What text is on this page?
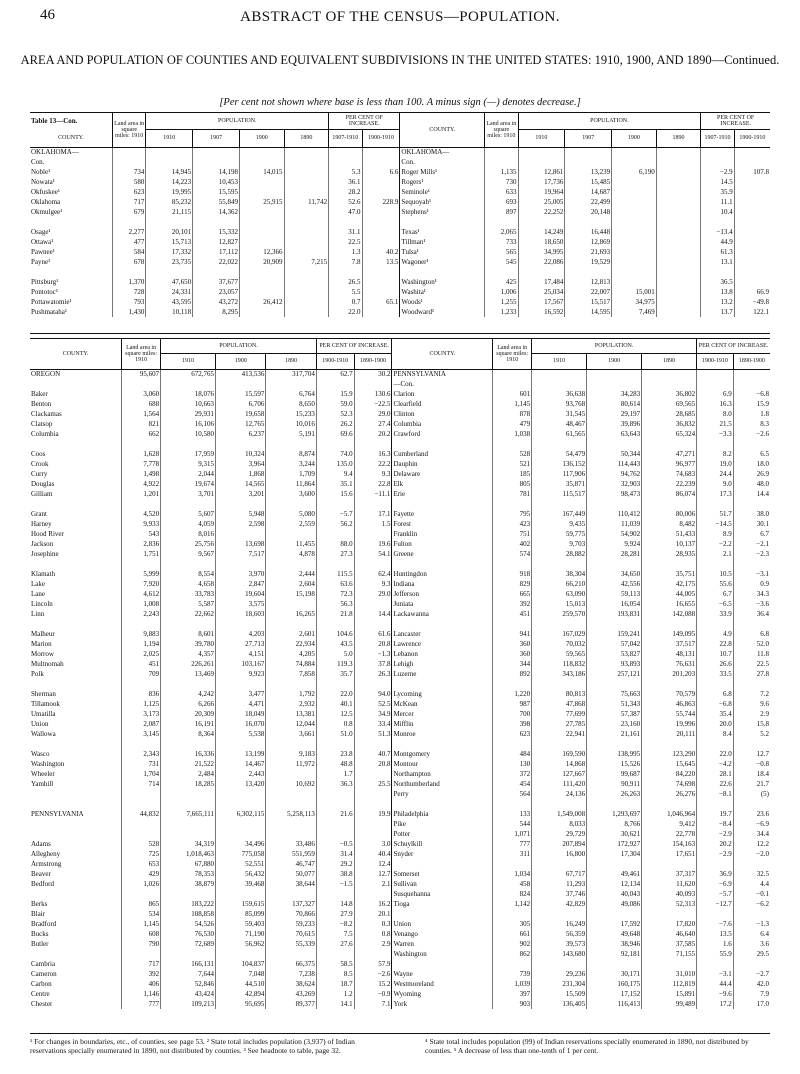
46	ABSTRACT OF THE CENSUS—POPULATION.
AREA AND POPULATION OF COUNTIES AND EQUIVALENT SUBDIVISIONS IN THE UNITED STATES: 1910, 1900, AND 1890—Continued.
[Per cent not shown where base is less than 100. A minus sign (—) denotes decrease.]
Table 13—Con.
COUNTY.	Land area in square miles: 1910	POPULATION.				PER CENT OF INCREASE.		COUNTY.	Land area in square miles: 1910	POPULATION.				PER CENT OF INCREASE.	
		1910	1907	1900	1890	1907-1910	1900-1910			1910	1907	1900	1890	1907-1910	1900-1910
OKLAHOMA—								OKLAHOMA—							
Con.								Con.							
Noble¹	734	14,945	14,198	14,015		5.3	6.6	Roger Mills¹	1,135	12,861	13,239	6,190		−2.9	107.8
Nowata¹	580	14,223	10,453			36.1		Rogers¹	730	17,736	15,485			14.5	
Okfuskee¹	623	19,995	15,595			28.2		Seminole¹	633	19,964	14,687			35.9	
Oklahoma	717	85,232	55,849	25,915	11,742	52.6	228.9	Sequoyah¹	693	25,005	22,499			11.1	
Okmulgee¹	679	21,115	14,362			47.0		Stephens¹	897	22,252	20,148			10.4	

Osage¹	2,277	20,101	15,332			31.1		Texas¹	2,065	14,249	16,448			−13.4	
Ottawa¹	477	15,713	12,827			22.5		Tillman¹	733	18,650	12,869			44.9	
Pawnee¹	584	17,332	17,112	12,366		1.3	40.2	Tulsa¹	565	34,995	21,693			61.3	
Payne¹	678	23,735	22,022	20,909	7,215	7.8	13.5	Wagoner¹	545	22,086	19,529			13.1	

Pittsburg¹	1,370	47,650	37,677			26.5		Washington¹	425	17,484	12,813			36.5	
Pontotoc¹	728	24,331	23,057			5.5		Washita¹	1,006	25,034	22,007	15,001		13.8	66.9
Pottawatomie¹	793	43,595	43,272	26,412		0.7	65.1	Woods¹	1,255	17,567	15,517	34,975		13.2	−49.8
Pushmataha¹	1,430	10,118	8,295			22.0		Woodward¹	1,233	16,592	14,595	7,469		13.7	122.1
COUNTY.	Land area in square miles: 1910	POPULATION.			PER CENT OF INCREASE.		COUNTY.	Land area in square miles: 1910	POPULATION.			PER CENT OF INCREASE.	
		1910	1900	1890	1900-1910	1890-1900			1910	1900	1890	1900-1910	1890-1900
OREGON	95,607	672,765	413,536	317,704	62.7	30.2	PENNSYLVANIA						
							—Con.						
Baker	3,060	18,076	15,597	6,764	15.9	130.6	Clarion	601	36,638	34,283	36,802	6.9	−6.8
Benton	688	10,663	6,706	8,650	59.0	−22.5	Clearfield	1,145	93,768	80,614	69,565	16.3	15.9
Clackamas	1,564	29,931	19,658	15,233	52.3	29.0	Clinton	878	31,545	29,197	28,685	8.0	1.8
Clatsop	821	16,106	12,765	10,016	26.2	27.4	Columbia	479	48,467	39,896	36,832	21.5	8.3
Columbia	662	10,580	6,237	5,191	69.6	20.2	Crawford	1,038	61,565	63,643	65,324	−3.3	−2.6

Coos	1,628	17,959	10,324	8,874	74.0	16.3	Cumberland	528	54,479	50,344	47,271	8.2	6.5
Crook	7,778	9,315	3,964	3,244	135.0	22.2	Dauphin	521	136,152	114,443	96,977	19.0	18.0
Curry	1,498	2,044	1,868	1,709	9.4	9.3	Delaware	185	117,906	94,762	74,683	24.4	26.9
Douglas	4,922	19,674	14,565	11,864	35.1	22.8	Elk	805	35,871	32,903	22,239	9.0	48.0
Gilliam	1,201	3,701	3,201	3,600	15.6	−11.1	Erie	781	115,517	98,473	86,074	17.3	14.4

Grant	4,520	5,607	5,948	5,080	−5.7	17.1	Fayette	795	167,449	110,412	80,006	51.7	38.0
Harney	9,933	4,059	2,598	2,559	56.2	1.5	Forest	423	9,435	11,039	8,482	−14.5	30.1
Hood River	543	8,016					Franklin	751	59,775	54,902	51,433	8.9	6.7
Jackson	2,836	25,756	13,698	11,455	88.0	19.6	Fulton	402	9,703	9,924	10,137	−2.2	−2.1
Josephine	1,751	9,567	7,517	4,878	27.3	54.1	Greene	574	28,882	28,281	28,935	2.1	−2.3

Klamath	5,999	8,554	3,970	2,444	115.5	62.4	Huntingdon	918	38,304	34,650	35,751	10.5	−3.1
Lake	7,920	4,658	2,847	2,604	63.6	9.3	Indiana	829	66,210	42,556	42,175	55.6	0.9
Lane	4,612	33,783	19,604	15,198	72.3	29.0	Jefferson	665	63,090	59,113	44,005	6.7	34.3
Lincoln	1,008	5,587	3,575		56.3		Juniata	392	15,013	16,054	16,655	−6.5	−3.6
Linn	2,243	22,662	18,603	16,265	21.8	14.4	Lackawanna	451	259,570	193,831	142,088	33.9	36.4

Malheur	9,883	8,601	4,203	2,601	104.6	61.6	Lancaster	941	167,029	159,241	149,095	4.9	6.8
Marion	1,194	39,780	27,713	22,934	43.5	20.8	Lawrence	360	70,032	57,042	37,517	22.8	52.0
Morrow	2,025	4,357	4,151	4,205	5.0	−1.3	Lebanon	360	59,565	53,827	48,131	10.7	11.8
Multnomah	451	226,261	103,167	74,884	119.3	37.8	Lehigh	344	118,832	93,893	76,631	26.6	22.5
Polk	709	13,469	9,923	7,858	35.7	26.3	Luzerne	892	343,186	257,121	201,203	33.5	27.8

Sherman	836	4,242	3,477	1,792	22.0	94.0	Lycoming	1,220	80,813	75,663	70,579	6.8	7.2
Tillamook	1,125	6,266	4,471	2,932	40.1	52.5	McKean	987	47,868	51,343	46,863	−6.8	9.6
Umatilla	3,173	20,309	18,049	13,381	12.5	34.9	Mercer	700	77,699	57,387	55,744	35.4	2.9
Union	2,087	16,191	16,070	12,044	0.8	33.4	Mifflin	398	27,785	23,160	19,996	20.0	15.8
Wallowa	3,145	8,364	5,538	3,661	51.0	51.3	Monroe	623	22,941	21,161	20,111	8.4	5.2

Wasco	2,343	16,336	13,199	9,183	23.8	40.7	Montgomery	484	169,590	138,995	123,290	22.0	12.7
Washington	731	21,522	14,467	11,972	48.8	20.8	Montour	130	14,868	15,526	15,645	−4.2	−0.8
Wheeler	1,704	2,484	2,443		1.7		Northampton	372	127,667	99,687	84,220	28.1	18.4
Yamhill	714	18,285	13,420	10,692	36.3	25.5	Northumberland	454	111,420	90,911	74,698	22.6	21.7
							Perry	564	24,136	26,263	26,276	−8.1	(5)

PENNSYLVANIA	44,832	7,665,111	6,302,115	5,258,113	21.6	19.9	Philadelphia	133	1,549,008	1,293,697	1,046,964	19.7	23.6
							Pike	544	8,033	8,766	9,412	−8.4	−6.9
							Potter	1,071	29,729	30,621	22,778	−2.9	34.4
Adams	528	34,319	34,496	33,486	−0.5	3.0	Schuylkill	777	207,894	172,927	154,163	20.2	12.2
Allegheny	725	1,018,463	775,058	551,959	31.4	40.4	Snyder	311	16,800	17,304	17,651	−2.9	−2.0
Armstrong	653	67,880	52,551	46,747	29.2	12.4							
Beaver	429	78,353	56,432	50,077	38.8	12.7	Somerset	1,034	67,717	49,461	37,317	36.9	32.5
Bedford	1,026	38,879	39,468	38,644	−1.5	2.1	Sullivan	458	11,293	12,134	11,620	−6.9	4.4
							Susquehanna	824	37,746	40,043	40,093	−5.7	−0.1
Berks	865	183,222	159,615	137,327	14.8	16.2	Tioga	1,142	42,829	49,086	52,313	−12.7	−6.2
Blair	534	108,858	85,099	70,866	27.9	20.1							
Bradford	1,145	54,526	59,403	59,233	−8.2	0.3	Union	305	16,249	17,592	17,820	−7.6	−1.3
Bucks	608	76,530	71,190	70,615	7.5	0.8	Venango	661	56,359	49,648	46,640	13.5	6.4
Butler	790	72,689	56,962	55,339	27.6	2.9	Warren	902	39,573	38,946	37,585	1.6	3.6
							Washington	862	143,680	92,181	71,155	55.9	29.5
Cambria	717	166,131	104,837	66,375	58.5	57.9							
Cameron	392	7,644	7,048	7,238	8.5	−2.6	Wayne	739	29,236	30,171	31,010	−3.1	−2.7
Carbon	406	52,846	44,510	38,624	18.7	15.2	Westmoreland	1,039	231,304	160,175	112,819	44.4	42.0
Centre	1,146	43,424	42,894	43,269	1.2	−0.9	Wyoming	397	15,509	17,152	15,891	−9.6	7.9
Chester	777	109,213	95,695	89,377	14.1	7.1	York	903	136,405	116,413	99,489	17.2	17.0
¹ For changes in boundaries, etc., of counties, see page 53. ² State total includes population (3,937) of Indian reservations specially enumerated in 1890, not distributed by counties. ³ See headnote to table, page 32.
⁴ State total includes population (99) of Indian reservations specially enumerated in 1890, not distributed by counties. ⁵ A decrease of less than one-tenth of 1 per cent.
